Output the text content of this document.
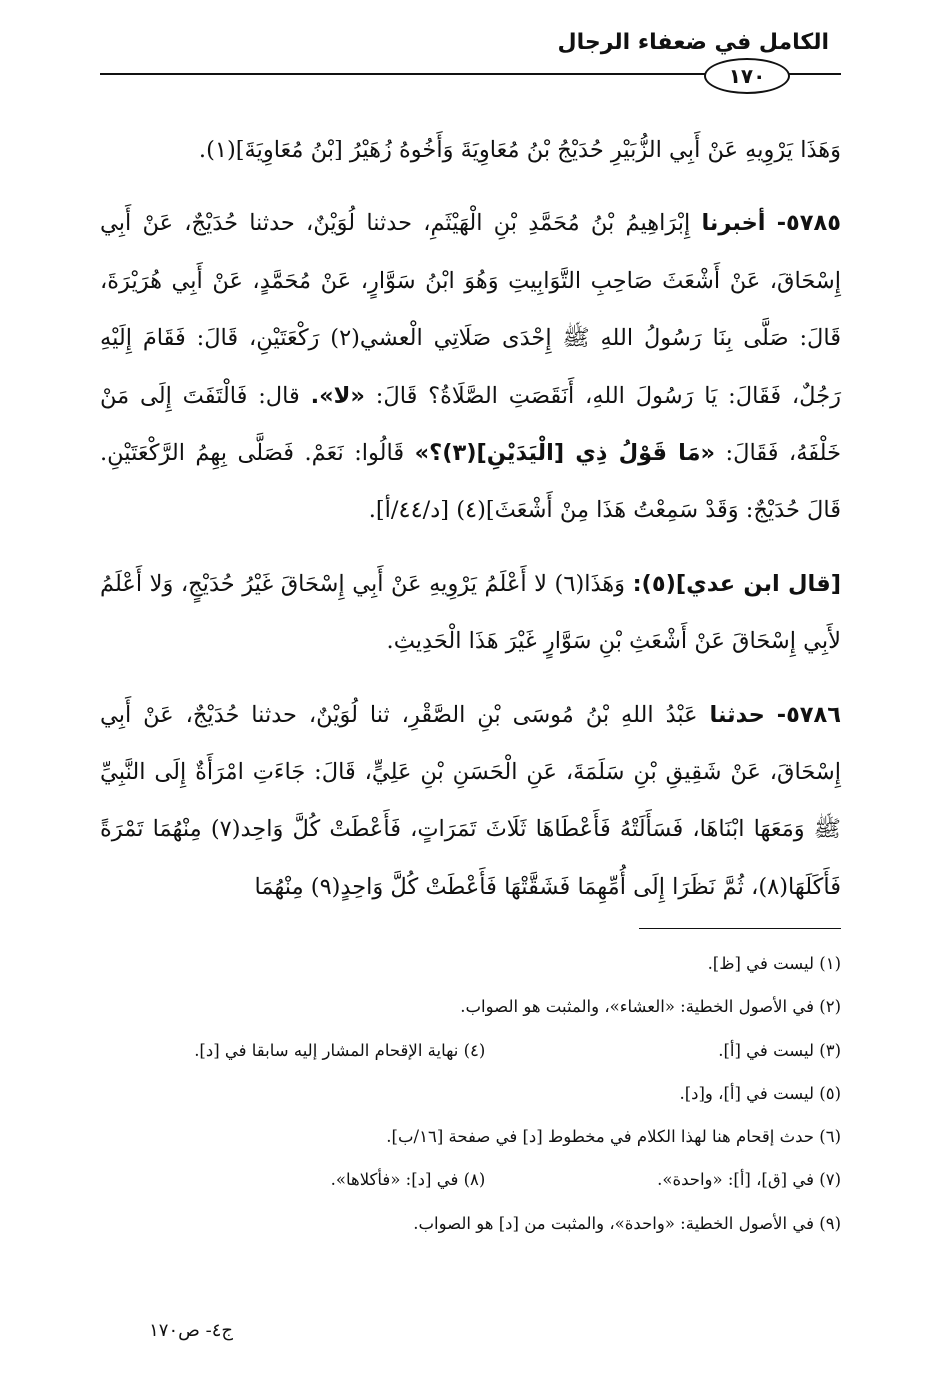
الكامل في ضعفاء الرجال
١٧٠

وَهَذَا يَرْوِيهِ عَنْ أَبِي الزُّبَيْرِ حُدَيْجُ بْنُ مُعَاوِيَةَ وَأَخُوهُ زُهَيْرُ [بْنُ مُعَاوِيَةَ](١).

٥٧٨٥- أخبرنا إِبْرَاهِيمُ بْنُ مُحَمَّدِ بْنِ الْهَيْثَمِ، حدثنا لُوَيْنٌ، حدثنا حُدَيْجٌ، عَنْ أَبِي إِسْحَاقَ، عَنْ أَشْعَثَ صَاحِبِ التَّوَابِيتِ وَهُوَ ابْنُ سَوَّارٍ، عَنْ مُحَمَّدٍ، عَنْ أَبِي هُرَيْرَةَ، قَالَ: صَلَّى بِنَا رَسُولُ اللهِ ﷺ إِحْدَى صَلَاتِي الْعشي(٢) رَكْعَتَيْنِ، قَالَ: فَقَامَ إِلَيْهِ رَجُلٌ، فَقَالَ: يَا رَسُولَ اللهِ، أَنَقَصَتِ الصَّلَاةُ؟ قَالَ: «لا». قال: فَالْتَفَتَ إِلَى مَنْ خَلْفَهُ، فَقَالَ: «مَا قَوْلُ ذِي [الْيَدَيْنِ](٣)؟» قَالُوا: نَعَمْ. فَصَلَّى بِهِمُ الرَّكْعَتَيْنِ. قَالَ حُدَيْجٌ: وَقَدْ سَمِعْتُ هَذَا مِنْ أَشْعَثَ](٤) [د/٤٤/أ].

[قال ابن عدي](٥): وَهَذَا(٦) لا أَعْلَمُ يَرْوِيهِ عَنْ أَبِي إِسْحَاقَ غَيْرُ حُدَيْجٍ، وَلا أَعْلَمُ لأَبِي إِسْحَاقَ عَنْ أَشْعَثِ بْنِ سَوَّارٍ غَيْرَ هَذَا الْحَدِيثِ.

٥٧٨٦- حدثنا عَبْدُ اللهِ بْنُ مُوسَى بْنِ الصَّقْرِ، ثنا لُوَيْنٌ، حدثنا حُدَيْجٌ، عَنْ أَبِي إِسْحَاقَ، عَنْ شَقِيقِ بْنِ سَلَمَةَ، عَنِ الْحَسَنِ بْنِ عَلِيٍّ، قَالَ: جَاءَتِ امْرَأَةٌ إِلَى النَّبِيِّ ﷺ وَمَعَهَا ابْنَاهَا، فَسَأَلَتْهُ فَأَعْطَاهَا ثَلَاثَ تَمَرَاتٍ، فَأَعْطَتْ كُلَّ وَاحِد(٧) مِنْهُمَا تَمْرَةً فَأَكَلَهَا(٨)، ثُمَّ نَظَرَا إِلَى أُمِّهِمَا فَشَقَّتْهَا فَأَعْطَتْ كُلَّ وَاحِدٍ(٩) مِنْهُمَا

(١) ليست في [ظ].
(٢) في الأصول الخطية: «العشاء»، والمثبت هو الصواب.
(٣) ليست في [أ].
(٤) نهاية الإقحام المشار إليه سابقا في [د].
(٥) ليست في [أ]، و[د].
(٦) حدث إقحام هنا لهذا الكلام في مخطوط [د] في صفحة [١٦/ب].
(٧) في [ق]، [أ]: «واحدة».
(٨) في [د]: «فأكلاها».
(٩) في الأصول الخطية: «واحدة»، والمثبت من [د] هو الصواب.
ج٤- ص١٧٠
